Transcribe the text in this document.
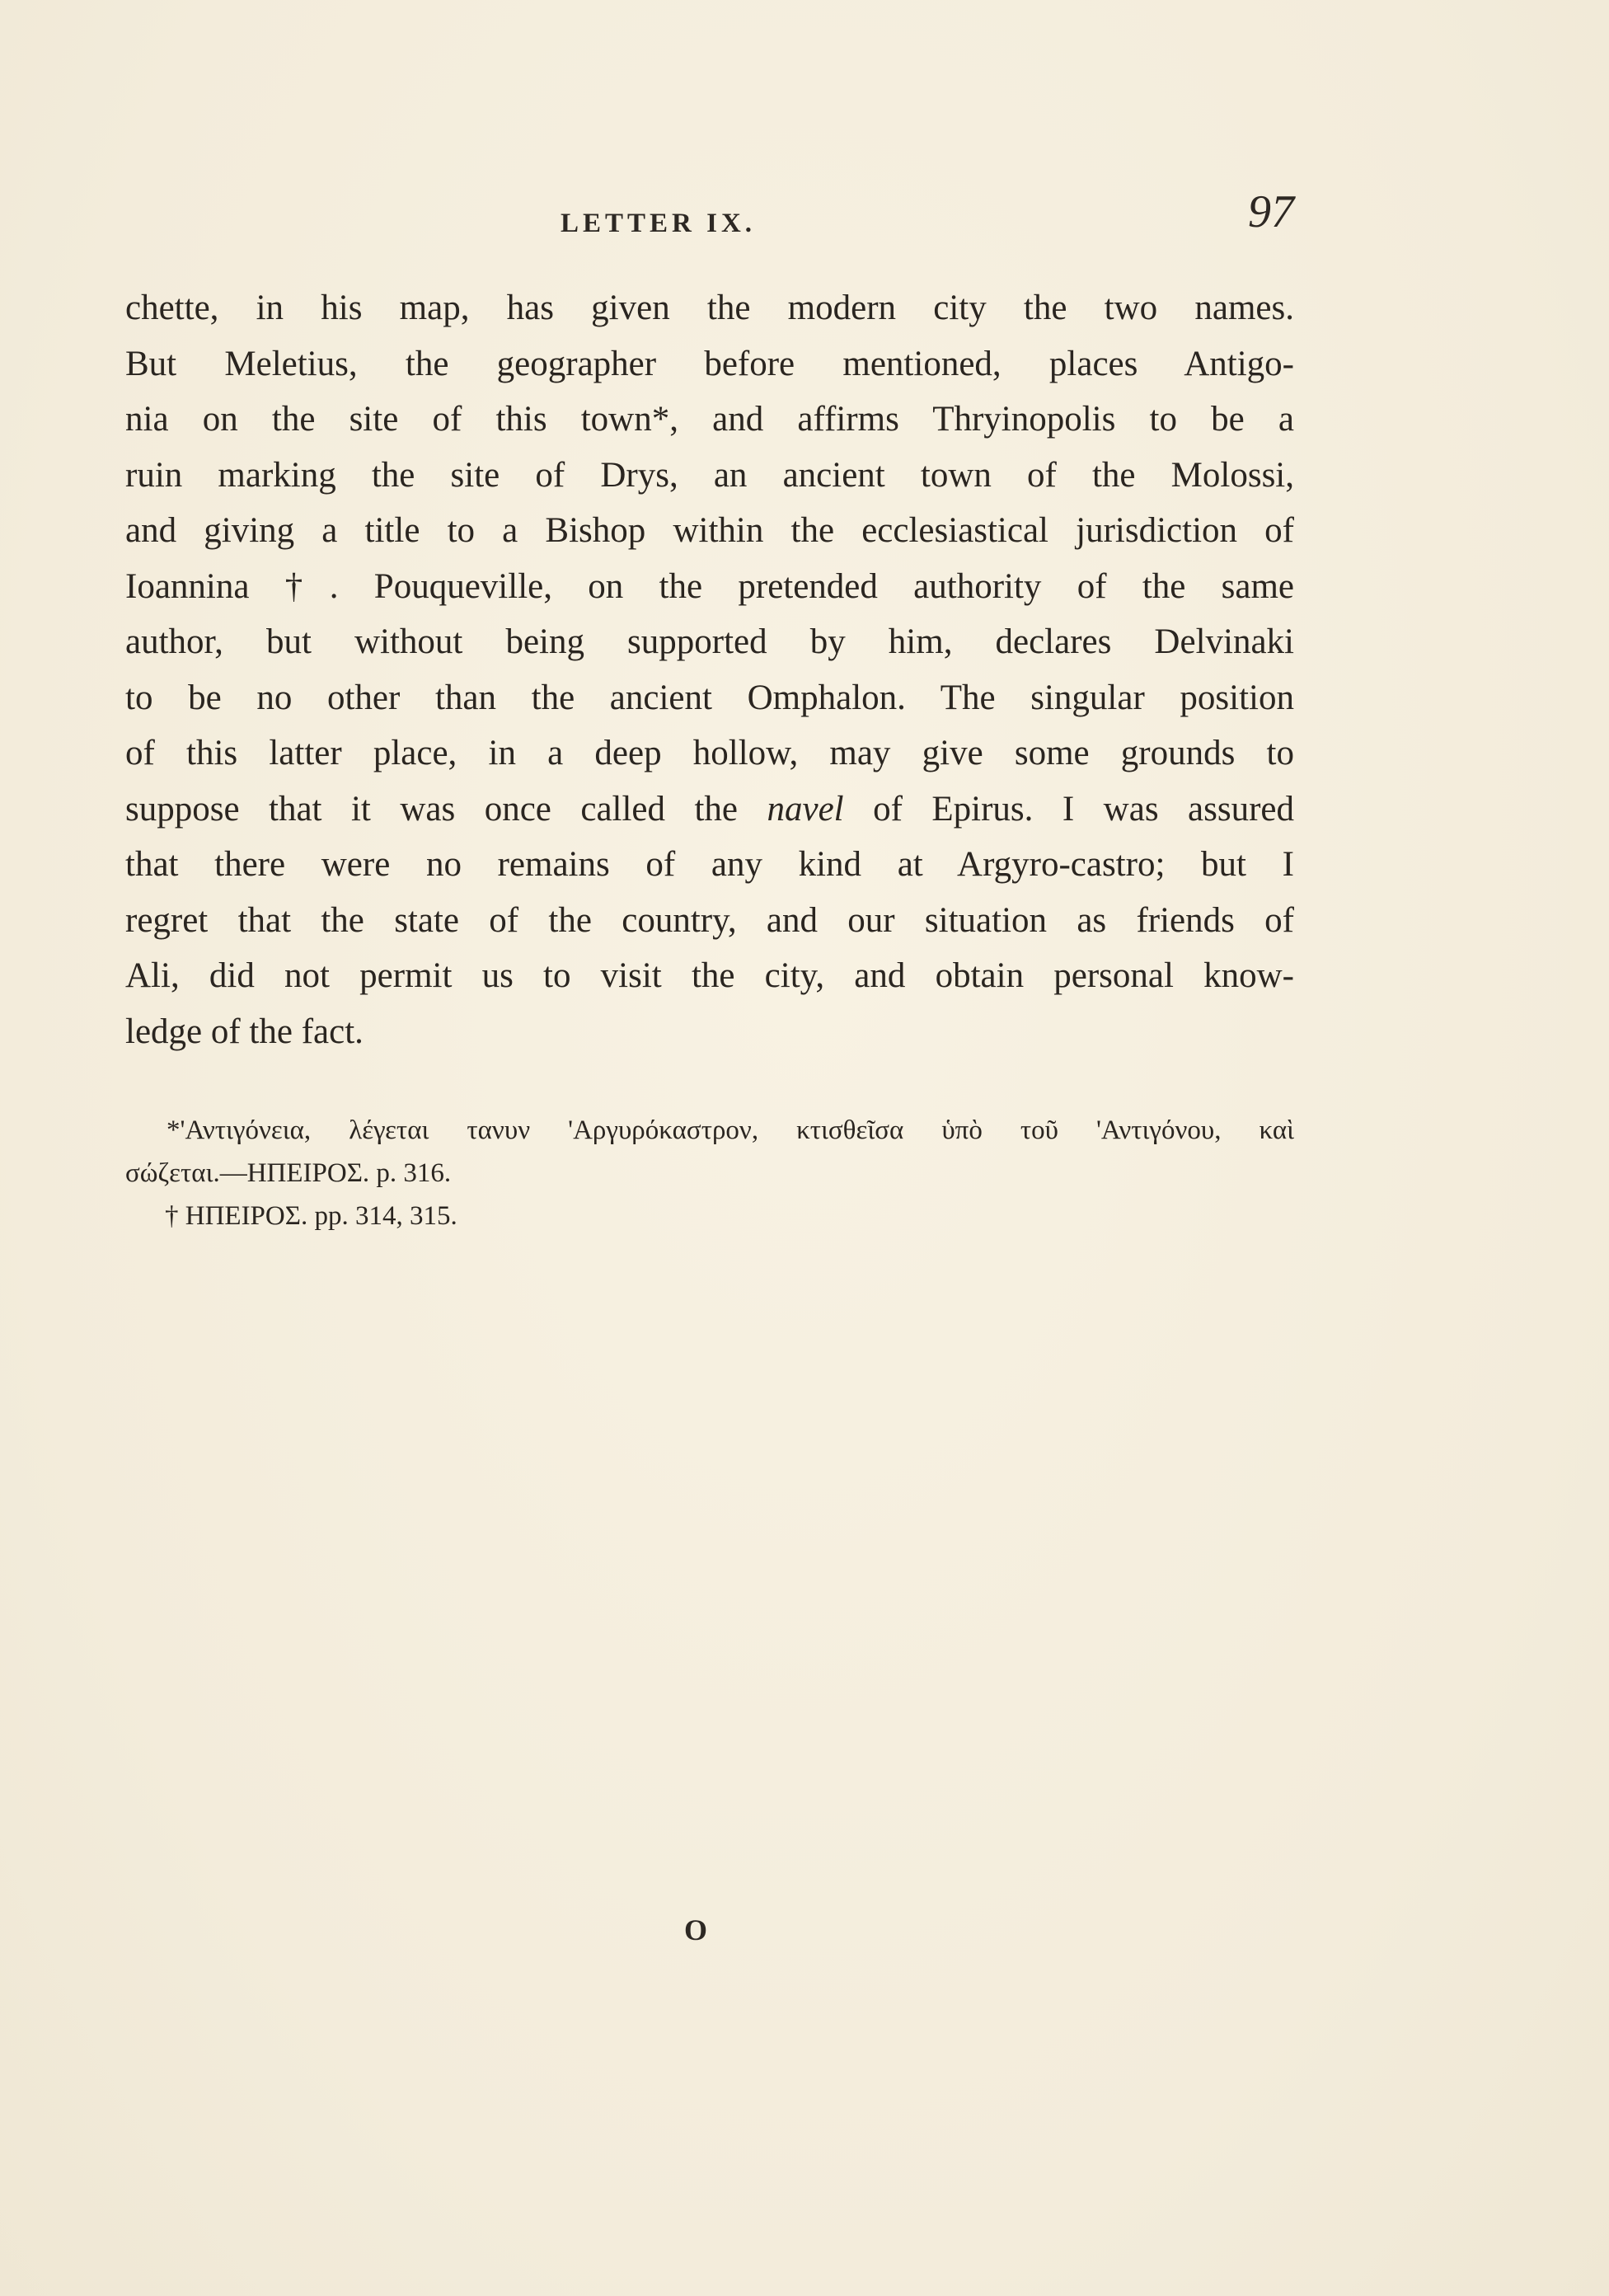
LETTER IX.	97
chette, in his map, has given the modern city the two names.
But Meletius, the geographer before mentioned, places Antigo-
nia on the site of this town*, and affirms Thryinopolis to be a
ruin marking the site of Drys, an ancient town of the Molossi,
and giving a title to a Bishop within the ecclesiastical jurisdiction of
Ioannina †. Pouqueville, on the pretended authority of the same
author, but without being supported by him, declares Delvinaki
to be no other than the ancient Omphalon. The singular position
of this latter place, in a deep hollow, may give some grounds to
suppose that it was once called the navel of Epirus. I was assured
that there were no remains of any kind at Argyro-castro; but I
regret that the state of the country, and our situation as friends of
Ali, did not permit us to visit the city, and obtain personal know-
ledge of the fact.
*'Αντιγόνεια, λέγεται τανυν 'Αργυρόκαστρον, κτισθεῖσα ὑπὸ τοῦ 'Αντιγόνου, καὶ
σώζεται.—ΗΠΕΙΡΟΣ. p. 316.
† ΗΠΕΙΡΟΣ. pp. 314, 315.
O
